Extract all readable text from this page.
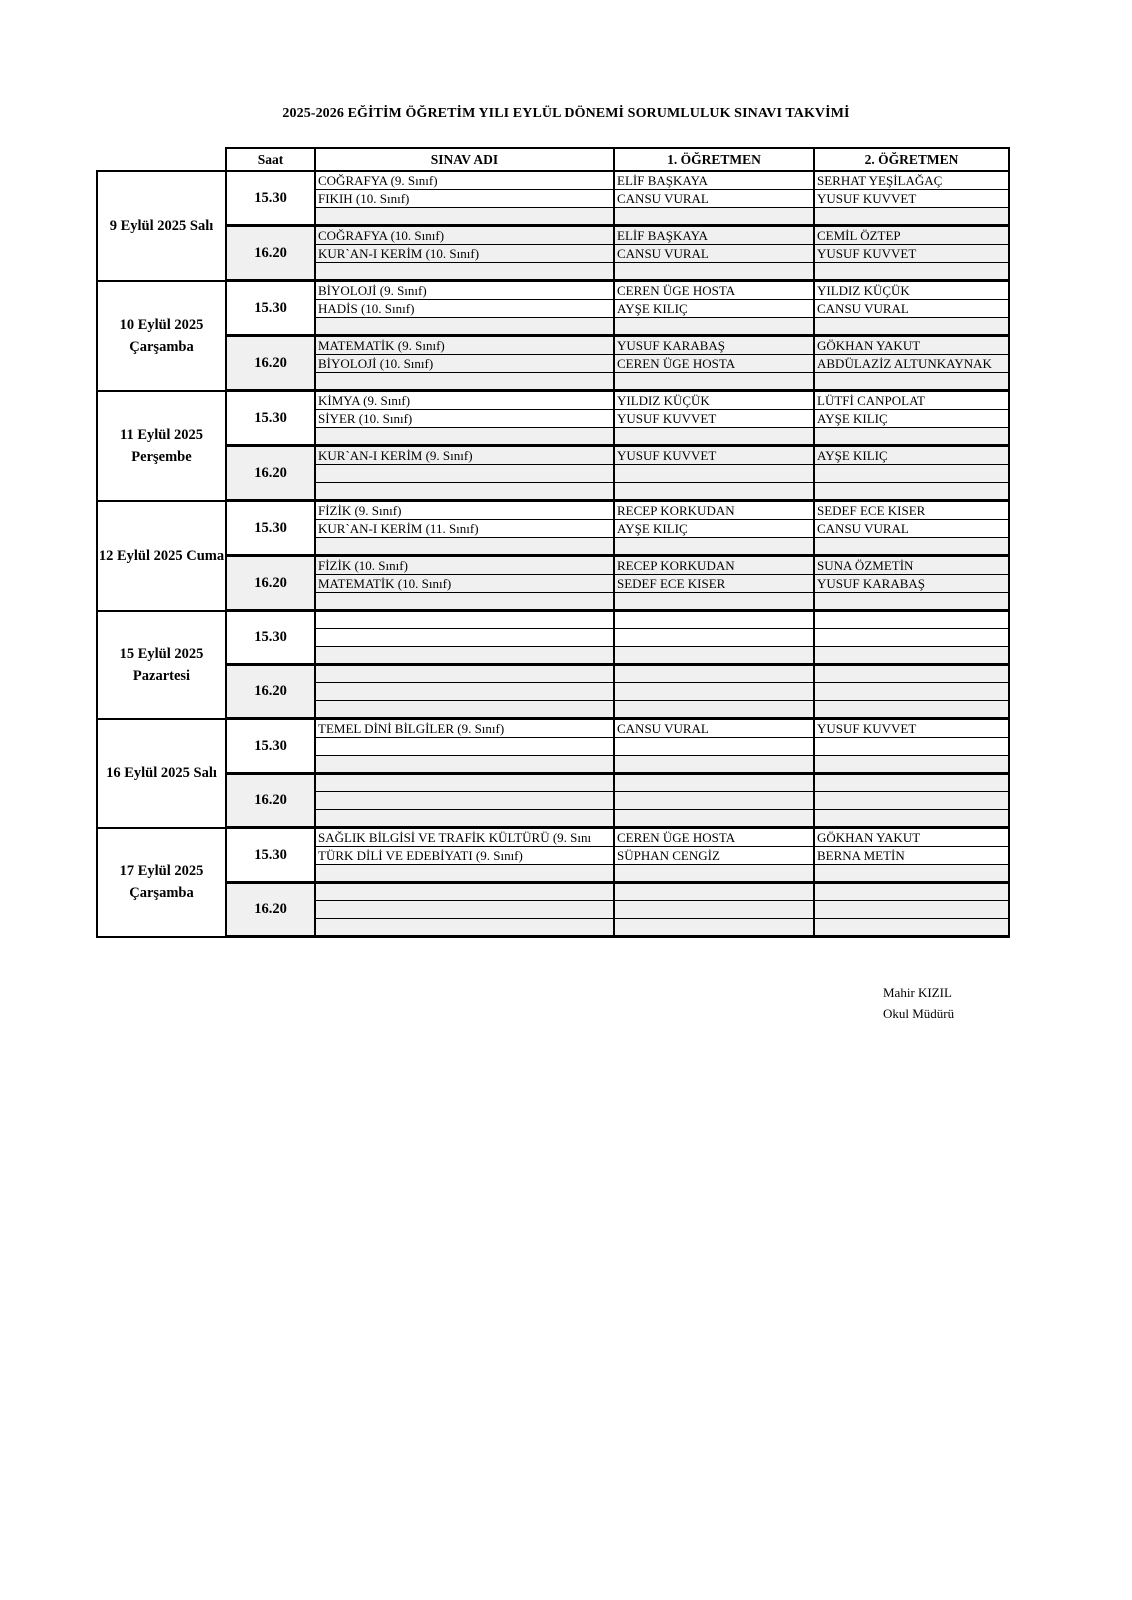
2025-2026 EĞİTİM ÖĞRETİM YILI EYLÜL DÖNEMİ SORUMLULUK SINAVI TAKVİMİ
	Saat	SINAV ADI	1. ÖĞRETMEN	2. ÖĞRETMEN
9 Eylül 2025 Salı	15.30	COĞRAFYA (9. Sınıf)	ELİF BAŞKAYA	SERHAT YEŞİLAĞAÇ
		FIKIH (10. Sınıf)	CANSU VURAL	YUSUF KUVVET

	16.20	COĞRAFYA (10. Sınıf)	ELİF BAŞKAYA	CEMİL ÖZTEP
		KUR`AN-I KERİM (10. Sınıf)	CANSU VURAL	YUSUF KUVVET

10 Eylül 2025 Çarşamba	15.30	BİYOLOJİ (9. Sınıf)	CEREN ÜGE HOSTA	YILDIZ KÜÇÜK
		HADİS (10. Sınıf)	AYŞE KILIÇ	CANSU VURAL

	16.20	MATEMATİK (9. Sınıf)	YUSUF KARABAŞ	GÖKHAN YAKUT
		BİYOLOJİ (10. Sınıf)	CEREN ÜGE HOSTA	ABDÜLAZİZ ALTUNKAYNAK

11 Eylül 2025 Perşembe	15.30	KİMYA (9. Sınıf)	YILDIZ KÜÇÜK	LÜTFİ CANPOLAT
		SİYER (10. Sınıf)	YUSUF KUVVET	AYŞE KILIÇ

	16.20	KUR`AN-I KERİM (9. Sınıf)	YUSUF KUVVET	AYŞE KILIÇ

12 Eylül 2025 Cuma	15.30	FİZİK (9. Sınıf)	RECEP KORKUDAN	SEDEF ECE KISER
		KUR`AN-I KERİM (11. Sınıf)	AYŞE KILIÇ	CANSU VURAL

	16.20	FİZİK (10. Sınıf)	RECEP KORKUDAN	SUNA ÖZMETİN
		MATEMATİK (10. Sınıf)	SEDEF ECE KISER	YUSUF KARABAŞ

15 Eylül 2025 Pazartesi	15.30			

	16.20			

16 Eylül 2025 Salı	15.30	TEMEL DİNİ BİLGİLER (9. Sınıf)	CANSU VURAL	YUSUF KUVVET

	16.20			

17 Eylül 2025 Çarşamba	15.30	SAĞLIK BİLGİSİ VE TRAFİK KÜLTÜRÜ (9. Sını	CEREN ÜGE HOSTA	GÖKHAN YAKUT
		TÜRK DİLİ VE EDEBİYATI (9. Sınıf)	SÜPHAN CENGİZ	BERNA METİN

	16.20			

Mahir KIZIL
Okul Müdürü
